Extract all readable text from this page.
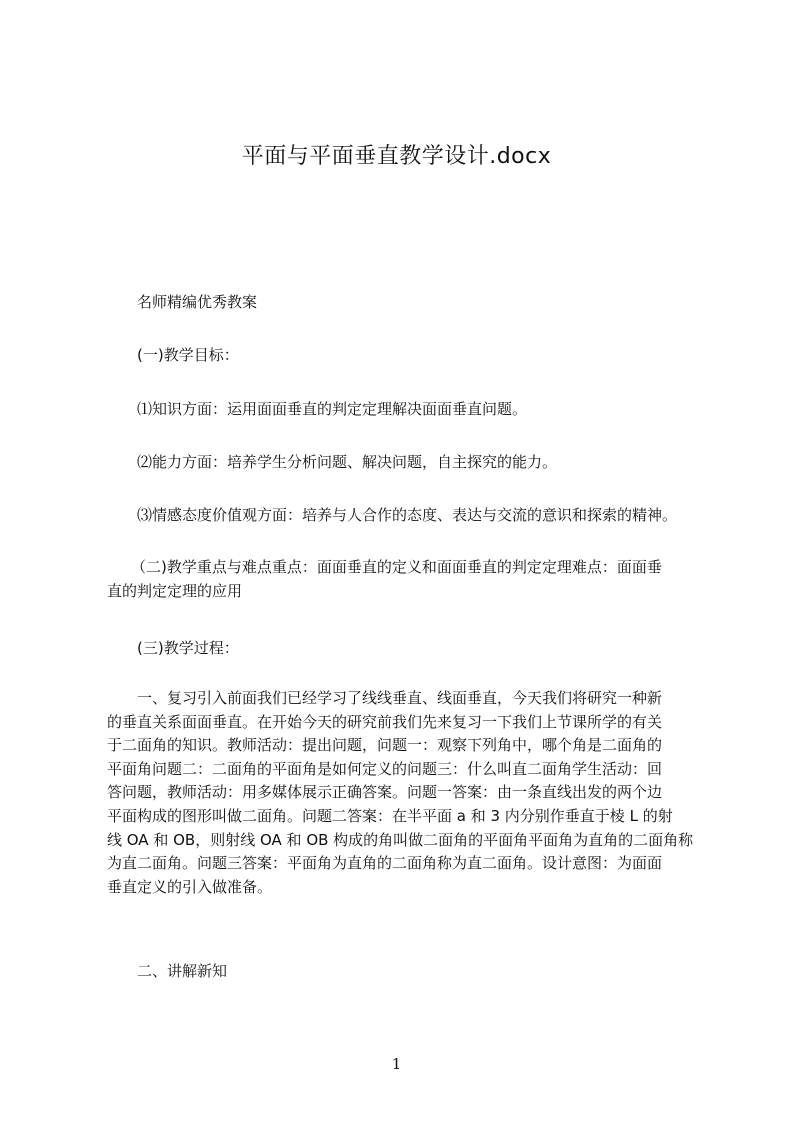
平面与平面垂直教学设计.docx

名师精编优秀教案

(一)教学目标：

⑴知识方面：运用面面垂直的判定定理解决面面垂直问题。

⑵能力方面：培养学生分析问题、解决问题，自主探究的能力。

⑶情感态度价值观方面：培养与人合作的态度、表达与交流的意识和探索的精神。

（二)教学重点与难点重点：面面垂直的定义和面面垂直的判定定理难点：面面垂
直的判定定理的应用

(三)教学过程：

一、复习引入前面我们已经学习了线线垂直、线面垂直，今天我们将研究一种新
的垂直关系面面垂直。在开始今天的研究前我们先来复习一下我们上节课所学的有关
于二面角的知识。教师活动：提出问题，问题一：观察下列角中，哪个角是二面角的
平面角问题二：二面角的平面角是如何定义的问题三：什么叫直二面角学生活动：回
答问题，教师活动：用多媒体展示正确答案。问题一答案：由一条直线出发的两个边
平面构成的图形叫做二面角。问题二答案：在半平面 a 和 3 内分别作垂直于棱 L 的射
线 OA 和 OB，则射线 OA 和 OB 构成的角叫做二面角的平面角平面角为直角的二面角称
为直二面角。问题三答案：平面角为直角的二面角称为直二面角。设计意图：为面面
垂直定义的引入做准备。

二、讲解新知

1
